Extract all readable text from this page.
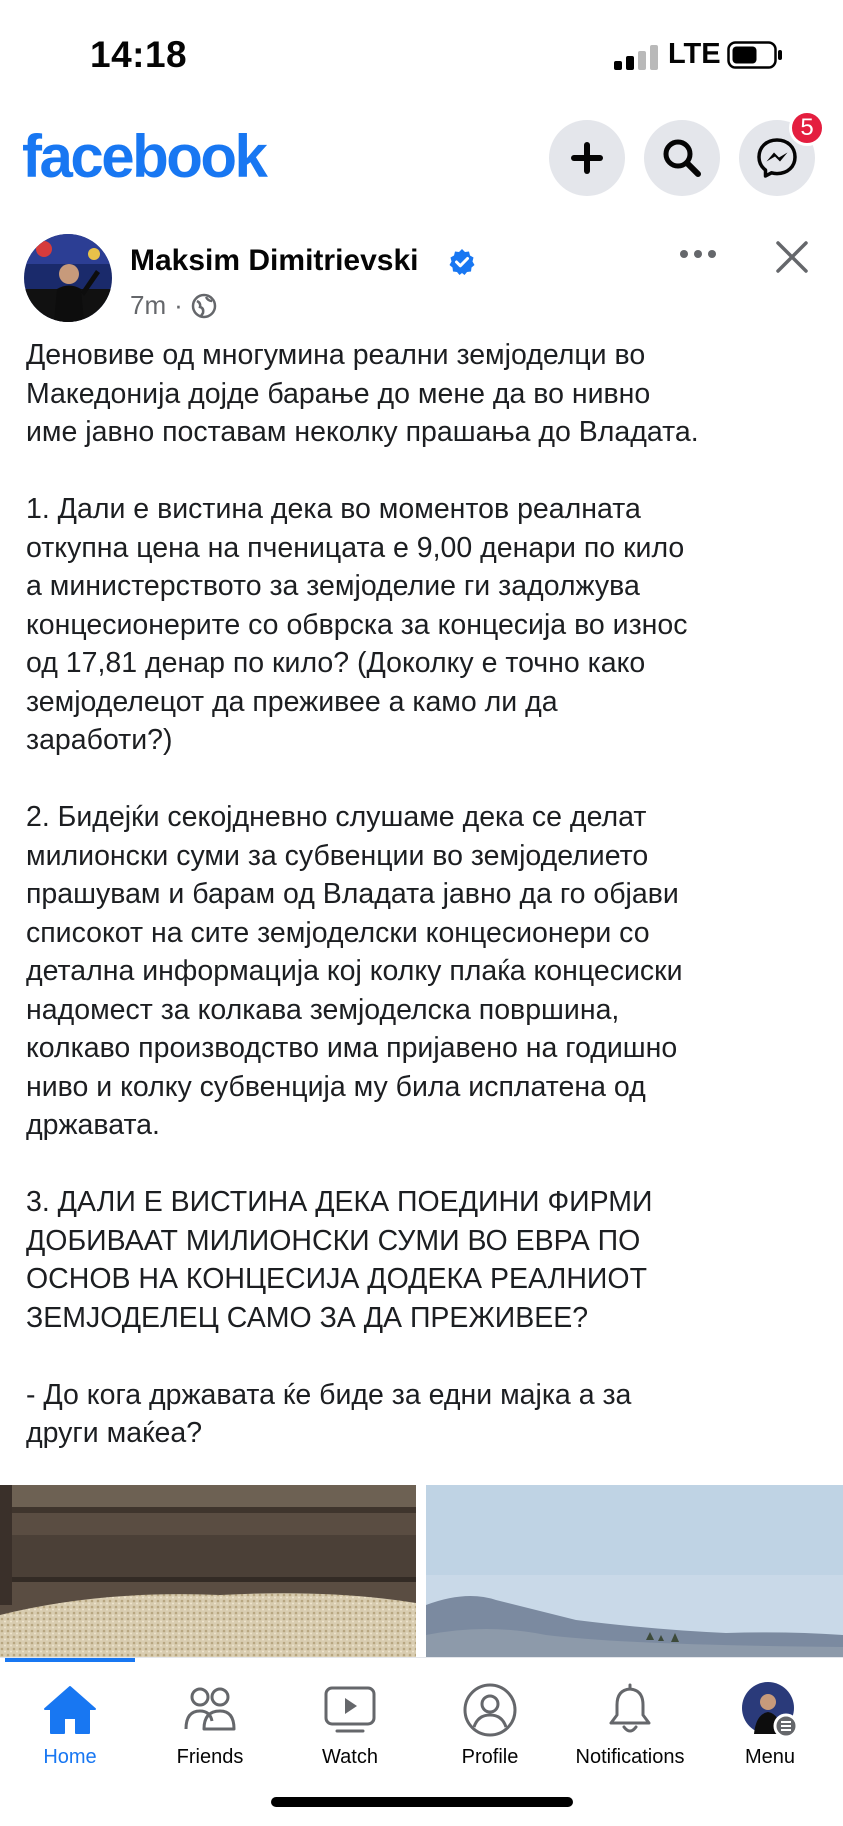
14:18	LTE
facebook	5
Maksim Dimitrievski
7m ·

Деновиве од многумина реални земјоделци во
Македонија дојде барање до мене да во нивно
име јавно поставам неколку прашања до Владата.

1. Дали е вистина дека во моментов реалната
откупна цена на пченицата е 9,00 денари по кило
а министерството за земјоделие ги задолжува
концесионерите со обврска за концесија во износ
од 17,81 денар по кило? (Доколку е точно како
земјоделецот да преживее а камо ли да
заработи?)

2. Бидејќи секојдневно слушаме дека се делат
милионски суми за субвенции во земјоделието
прашувам и барам од Владата јавно да го објави
списокот на сите земјоделски концесионери со
детална информација кој колку плаќа концесиски
надомест за колкава земјоделска површина,
колкаво производство има пријавено на годишно
ниво и колку субвенција му била исплатена од
државата.

3. ДАЛИ Е ВИСТИНА ДЕКА ПОЕДИНИ ФИРМИ
ДОБИВААТ МИЛИОНСКИ СУМИ ВО ЕВРА ПО
ОСНОВ НА КОНЦЕСИЈА ДОДЕКА РЕАЛНИОТ
ЗЕМЈОДЕЛЕЦ САМО ЗА ДА ПРЕЖИВЕЕ?

- До кога државата ќе биде за едни мајка а за
други маќеа?

Home	Friends	Watch	Profile	Notifications	Menu
